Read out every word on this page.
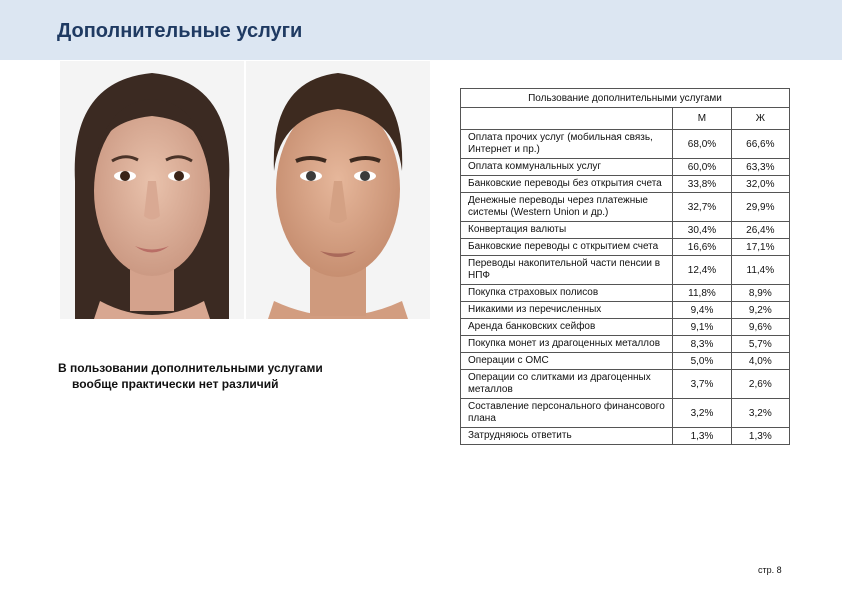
Дополнительные услуги
В пользовании дополнительными услугами
вообще практически нет различий
Пользование дополнительными услугами		
	М	Ж
Оплата прочих услуг (мобильная связь, Интернет и пр.)	68,0%	66,6%
Оплата коммунальных услуг	60,0%	63,3%
Банковские переводы без открытия счета	33,8%	32,0%
Денежные переводы через платежные системы (Western Union и др.)	32,7%	29,9%
Конвертация валюты	30,4%	26,4%
Банковские переводы с открытием счета	16,6%	17,1%
Переводы накопительной части пенсии в НПФ	12,4%	11,4%
Покупка страховых полисов	11,8%	8,9%
Никакими из перечисленных	9,4%	9,2%
Аренда банковских сейфов	9,1%	9,6%
Покупка монет из драгоценных металлов	8,3%	5,7%
Операции с ОМС	5,0%	4,0%
Операции со слитками из драгоценных металлов	3,7%	2,6%
Составление персонального финансового плана	3,2%	3,2%
Затрудняюсь ответить	1,3%	1,3%
стр. 8
